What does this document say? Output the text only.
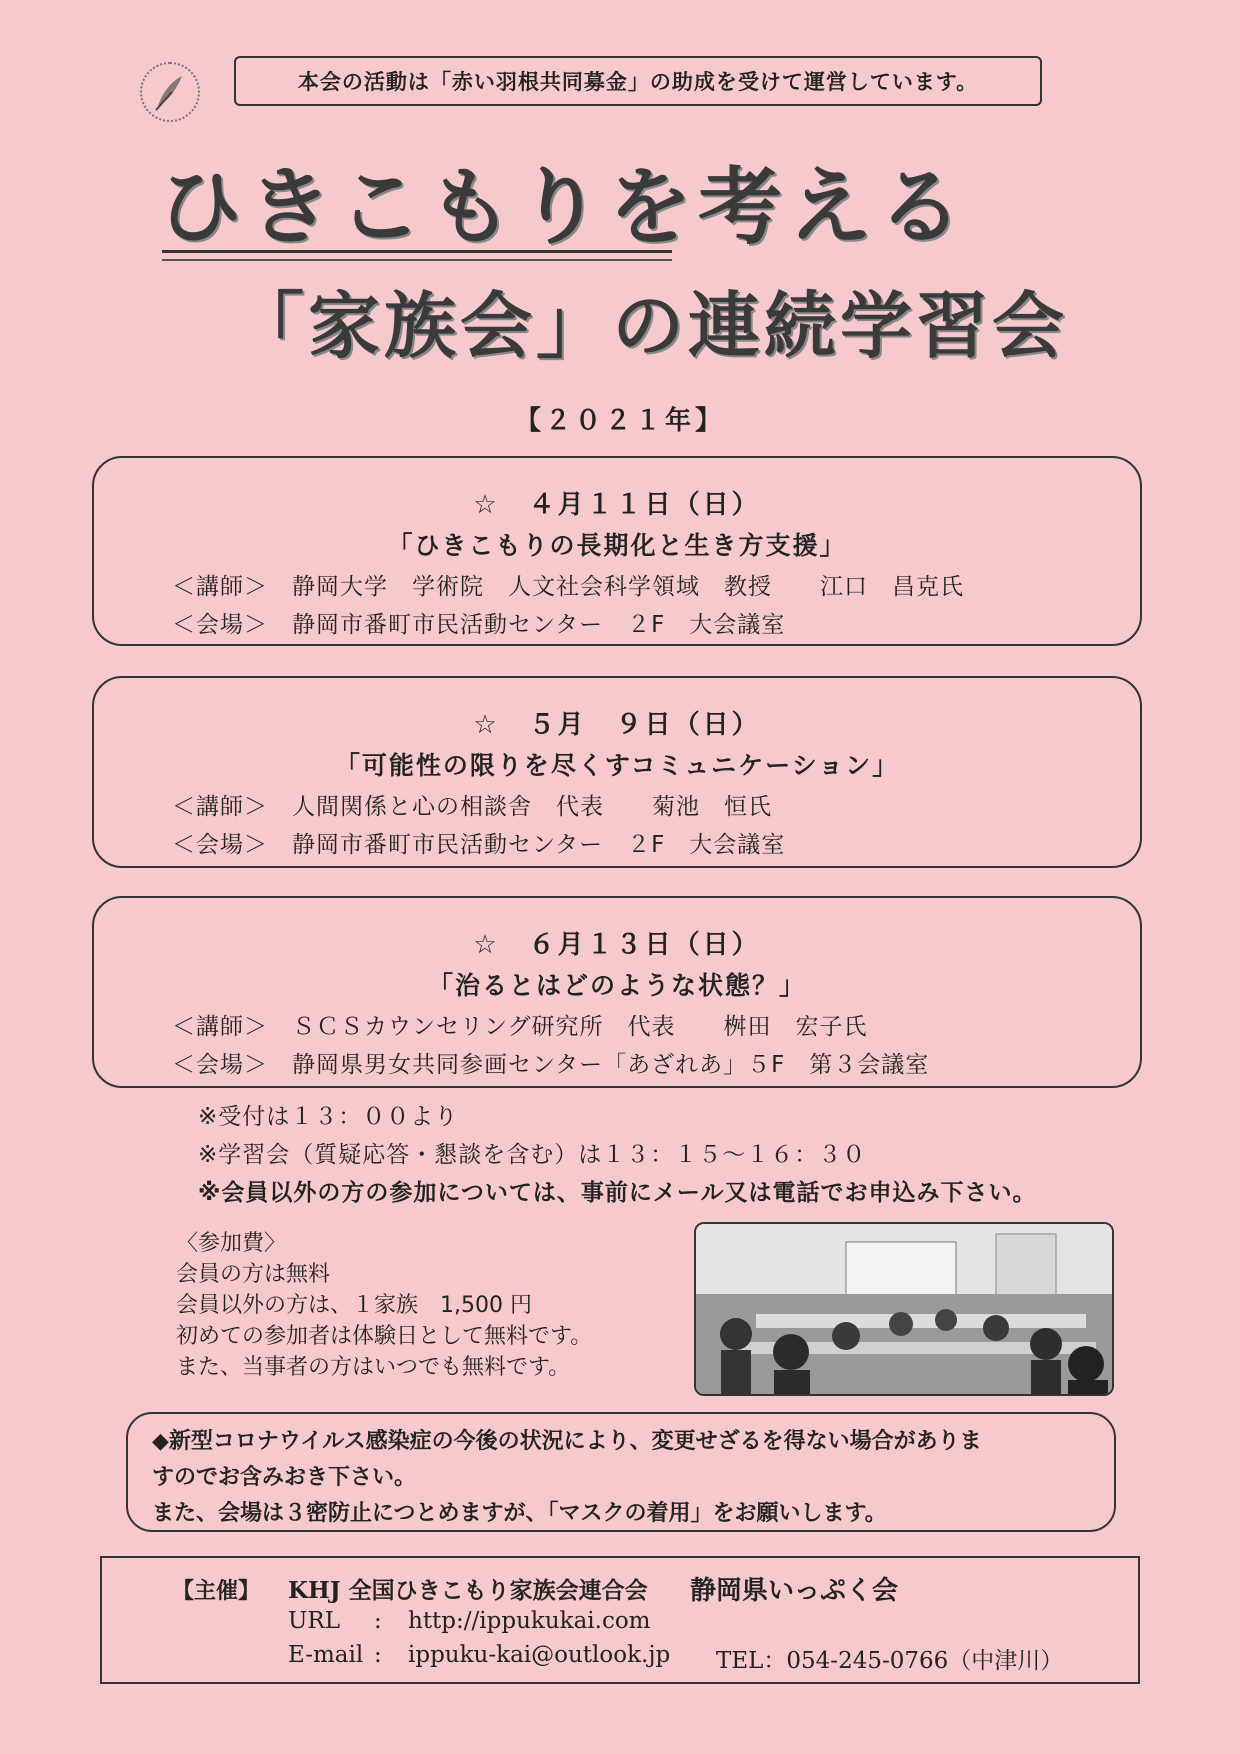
本会の活動は「赤い羽根共同募金」の助成を受けて運営しています。
ひきこもりを考える
「家族会」の連続学習会
【２０２１年】
☆　４月１１日（日）
「ひきこもりの長期化と生き方支援」
＜講師＞　静岡大学　学術院　人文社会科学領域　教授　　江口　昌克氏
＜会場＞　静岡市番町市民活動センター　２F　大会議室
☆　５月　９日（日）
「可能性の限りを尽くすコミュニケーション」
＜講師＞　人間関係と心の相談舎　代表　　菊池　恒氏
＜会場＞　静岡市番町市民活動センター　２F　大会議室
☆　６月１３日（日）
「治るとはどのような状態？」
＜講師＞　ＳＣＳカウンセリング研究所　代表　　桝田　宏子氏
＜会場＞　静岡県男女共同参画センター「あざれあ」５F　第３会議室
※受付は１３：００より
※学習会（質疑応答・懇談を含む）は１３：１５～１６：３０
※会員以外の方の参加については、事前にメール又は電話でお申込み下さい。
〈参加費〉
会員の方は無料
会員以外の方は、１家族　1,500 円
初めての参加者は体験日として無料です。
また、当事者の方はいつでも無料です。
◆新型コロナウイルス感染症の今後の状況により、変更せざるを得ない場合がありま
すのでお含みおき下さい。
また、会場は３密防止につとめますが、「マスクの着用」をお願いします。
【主催】 KHJ 全国ひきこもり家族会連合会 静岡県いっぷく会
URL : http://ippukukai.com
E-mail : ippuku-kai@outlook.jp TEL：054-245-0766（中津川）
